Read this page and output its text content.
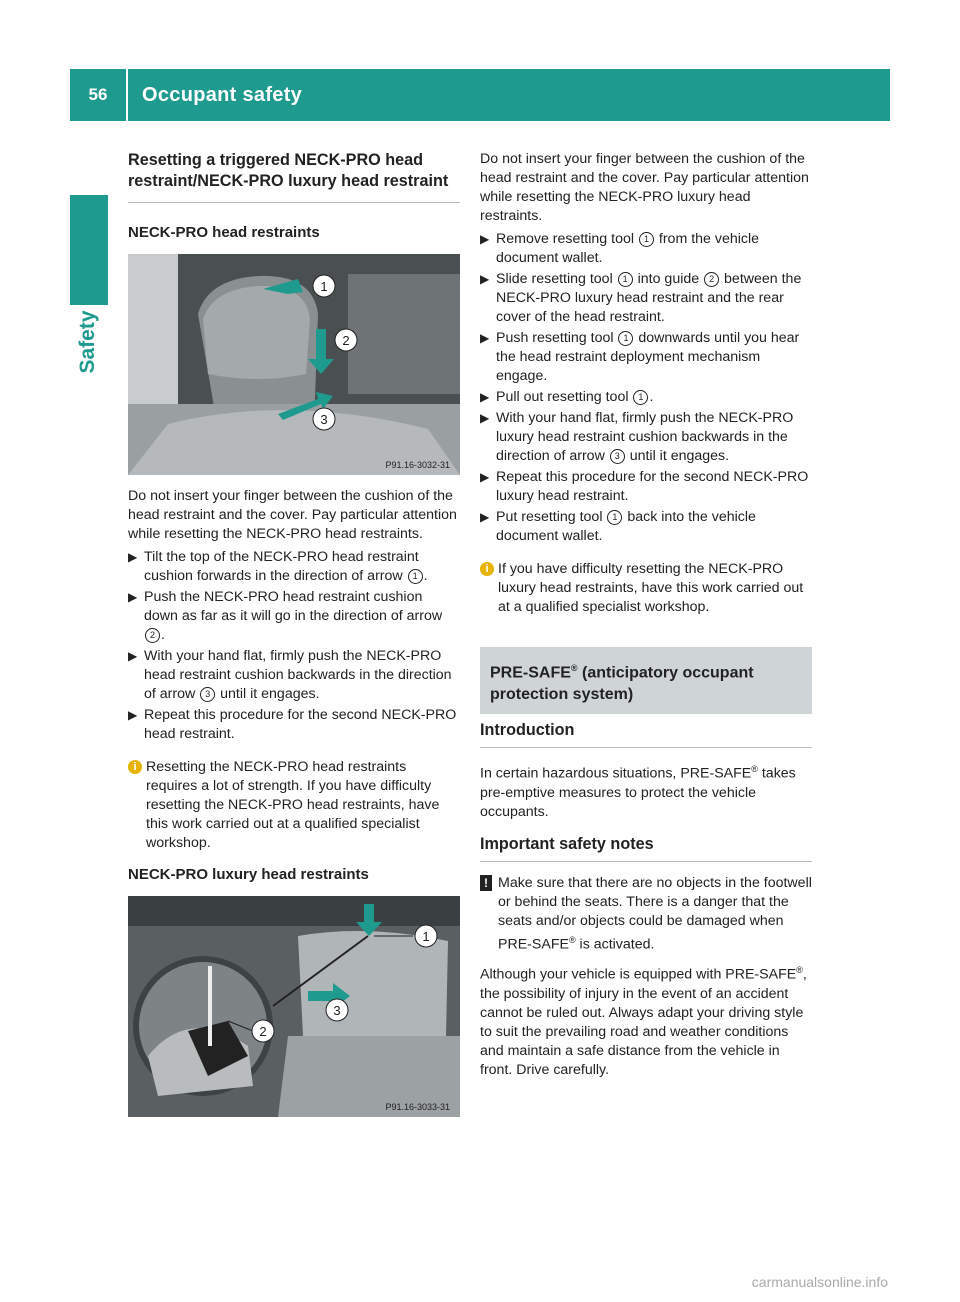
56	Occupant safety
Safety
Resetting a triggered NECK-PRO head restraint/NECK-PRO luxury head restraint
NECK-PRO head restraints
1
2
3
P91.16-3032-31

Do not insert your finger between the cushion of the head restraint and the cover. Pay particular attention while resetting the NECK-PRO head restraints.

▶ Tilt the top of the NECK-PRO head restraint cushion forwards in the direction of arrow 1 .
▶ Push the NECK-PRO head restraint cushion down as far as it will go in the direction of arrow 2 .
▶ With your hand flat, firmly push the NECK-PRO head restraint cushion backwards in the direction of arrow 3 until it engages.
▶ Repeat this procedure for the second NECK-PRO head restraint.
i Resetting the NECK-PRO head restraints requires a lot of strength. If you have difficulty resetting the NECK-PRO head restraints, have this work carried out at a qualified specialist workshop.
NECK-PRO luxury head restraints
1
2
3
P91.16-3033-31

Do not insert your finger between the cushion of the head restraint and the cover. Pay particular attention while resetting the NECK-PRO luxury head restraints.

▶ Remove resetting tool 1 from the vehicle document wallet.
▶ Slide resetting tool 1 into guide 2 between the NECK-PRO luxury head restraint and the rear cover of the head restraint.
▶ Push resetting tool 1 downwards until you hear the head restraint deployment mechanism engage.
▶ Pull out resetting tool 1 .
▶ With your hand flat, firmly push the NECK-PRO luxury head restraint cushion backwards in the direction of arrow 3 until it engages.
▶ Repeat this procedure for the second NECK-PRO luxury head restraint.
▶ Put resetting tool 1 back into the vehicle document wallet.
i If you have difficulty resetting the NECK-PRO luxury head restraints, have this work carried out at a qualified specialist workshop.
PRE-SAFE® (anticipatory occupant protection system)
Introduction

In certain hazardous situations, PRE-SAFE® takes pre-emptive measures to protect the vehicle occupants.

Important safety notes
! Make sure that there are no objects in the footwell or behind the seats. There is a danger that the seats and/or objects could be damaged when PRE-SAFE® is activated.

Although your vehicle is equipped with PRE-SAFE®, the possibility of injury in the event of an accident cannot be ruled out. Always adapt your driving style to suit the prevailing road and weather conditions and maintain a safe distance from the vehicle in front. Drive carefully.

carmanualsonline.info
